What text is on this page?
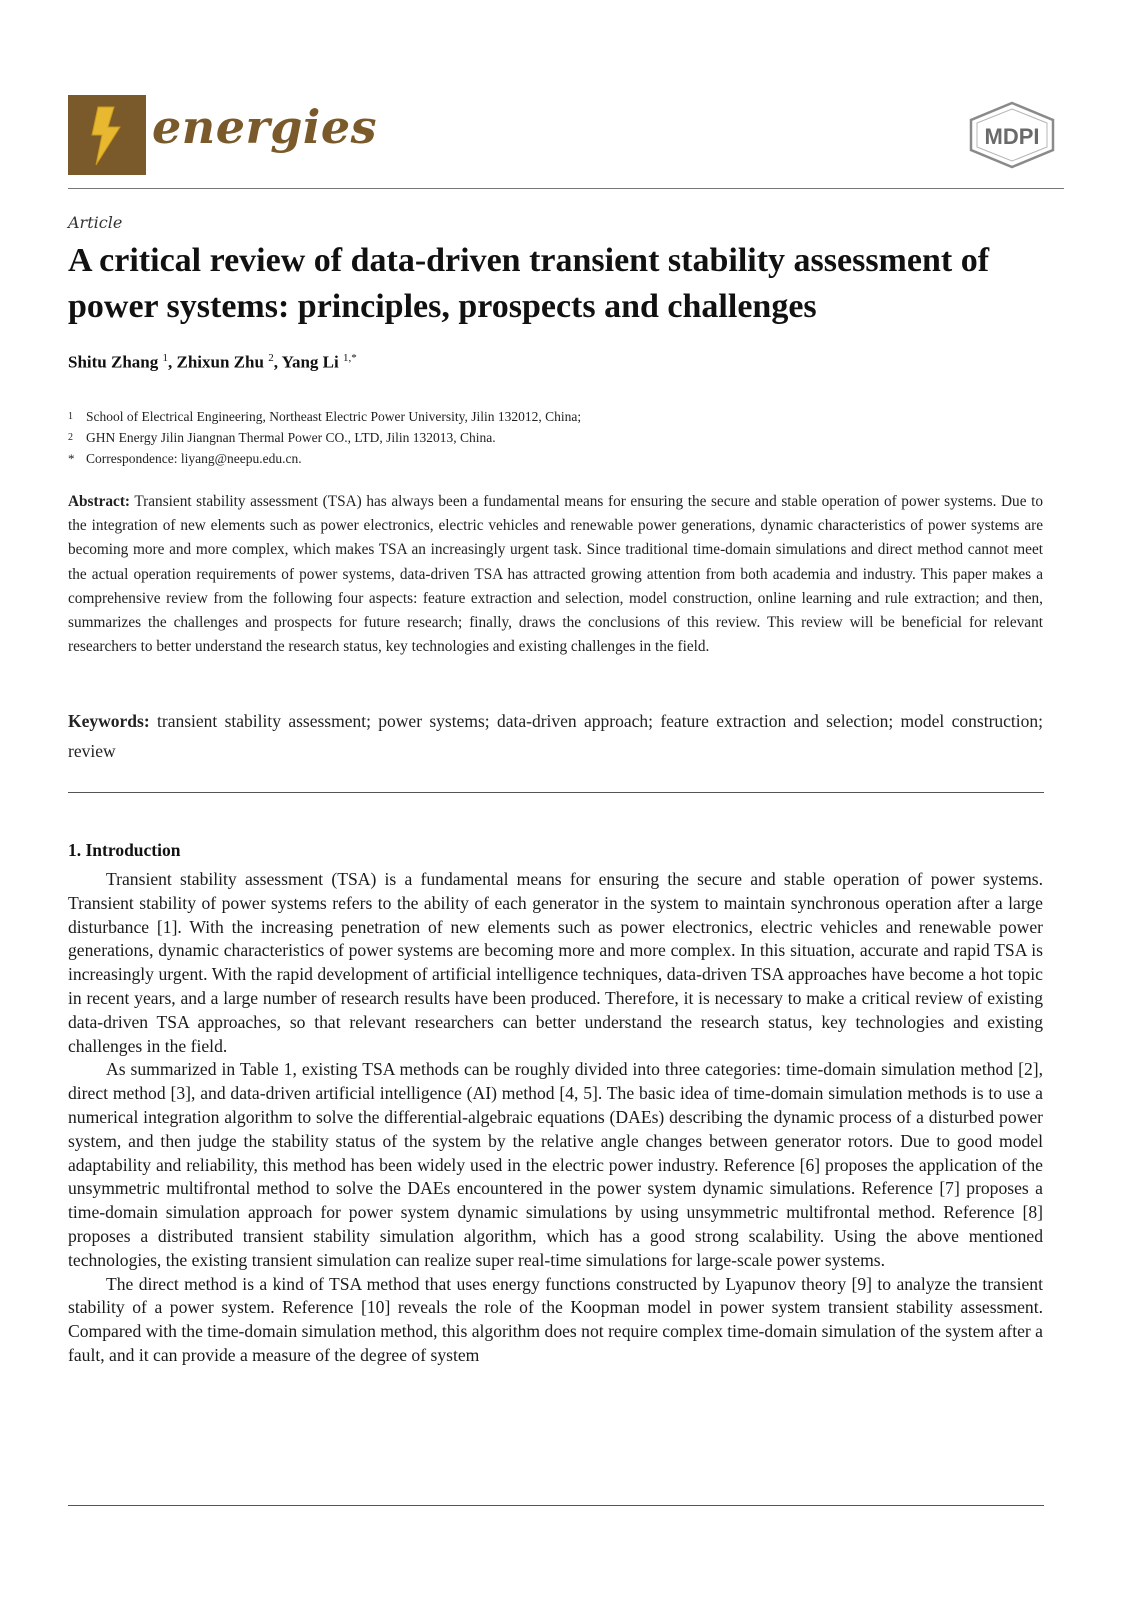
energies	MDPI
Article
A critical review of data-driven transient stability assessment of power systems: principles, prospects and challenges
Shitu Zhang $^1$, Zhixun Zhu $^2$, Yang Li $^{1,*}$
1 School of Electrical Engineering, Northeast Electric Power University, Jilin 132012, China;
2 GHN Energy Jilin Jiangnan Thermal Power CO., LTD, Jilin 132013, China.
* Correspondence: liyang@neepu.edu.cn.

Abstract: Transient stability assessment (TSA) has always been a fundamental means for ensuring the secure and stable operation of power systems. Due to the integration of new elements such as power electronics, electric vehicles and renewable power generations, dynamic characteristics of power systems are becoming more and more complex, which makes TSA an increasingly urgent task. Since traditional time-domain simulations and direct method cannot meet the actual operation requirements of power systems, data-driven TSA has attracted growing attention from both academia and industry. This paper makes a comprehensive review from the following four aspects: feature extraction and selection, model construction, online learning and rule extraction; and then, summarizes the challenges and prospects for future research; finally, draws the conclusions of this review. This review will be beneficial for relevant researchers to better understand the research status, key technologies and existing challenges in the field.

Keywords: transient stability assessment; power systems; data-driven approach; feature extraction and selection; model construction; review

1. Introduction

Transient stability assessment (TSA) is a fundamental means for ensuring the secure and stable operation of power systems. Transient stability of power systems refers to the ability of each generator in the system to maintain synchronous operation after a large disturbance [1]. With the increasing penetration of new elements such as power electronics, electric vehicles and renewable power generations, dynamic characteristics of power systems are becoming more and more complex. In this situation, accurate and rapid TSA is increasingly urgent. With the rapid development of artificial intelligence techniques, data-driven TSA approaches have become a hot topic in recent years, and a large number of research results have been produced. Therefore, it is necessary to make a critical review of existing data-driven TSA approaches, so that relevant researchers can better understand the research status, key technologies and existing challenges in the field.

As summarized in Table 1, existing TSA methods can be roughly divided into three categories: time-domain simulation method [2], direct method [3], and data-driven artificial intelligence (AI) method [4, 5]. The basic idea of time-domain simulation methods is to use a numerical integration algorithm to solve the differential-algebraic equations (DAEs) describing the dynamic process of a disturbed power system, and then judge the stability status of the system by the relative angle changes between generator rotors. Due to good model adaptability and reliability, this method has been widely used in the electric power industry. Reference [6] proposes the application of the unsymmetric multifrontal method to solve the DAEs encountered in the power system dynamic simulations. Reference [7] proposes a time-domain simulation approach for power system dynamic simulations by using unsymmetric multifrontal method. Reference [8] proposes a distributed transient stability simulation algorithm, which has a good strong scalability. Using the above mentioned technologies, the existing transient simulation can realize super real-time simulations for large-scale power systems.

The direct method is a kind of TSA method that uses energy functions constructed by Lyapunov theory [9] to analyze the transient stability of a power system. Reference [10] reveals the role of the Koopman model in power system transient stability assessment. Compared with the time-domain simulation method, this algorithm does not require complex time-domain simulation of the system after a fault, and it can provide a measure of the degree of system
